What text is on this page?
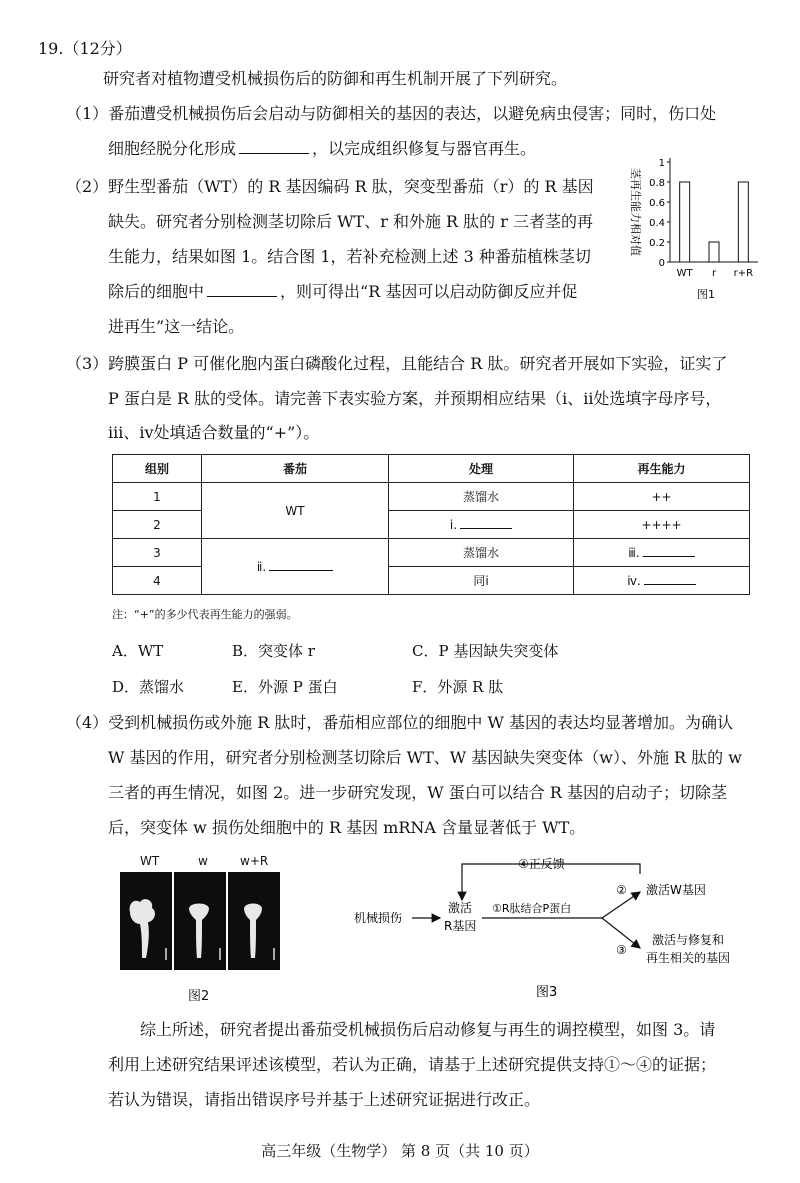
19.（12分）
研究者对植物遭受机械损伤后的防御和再生机制开展了下列研究。
（1）番茄遭受机械损伤后会启动与防御相关的基因的表达，以避免病虫侵害；同时，伤口处
细胞经脱分化形成	，以完成组织修复与器官再生。
（2）野生型番茄（WT）的 R 基因编码 R 肽，突变型番茄（r）的 R 基因
缺失。研究者分别检测茎切除后 WT、r 和外施 R 肽的 r 三者茎的再
生能力，结果如图 1。结合图 1，若补充检测上述 3 种番茄植株茎切
除后的细胞中	，则可得出“R 基因可以启动防御反应并促
进再生”这一结论。
茎再生能力相对值
0
0.2
0.4
0.6
0.8
1
WT r r+R
图1
（3）跨膜蛋白 P 可催化胞内蛋白磷酸化过程，且能结合 R 肽。研究者开展如下实验，证实了
P 蛋白是 R 肽的受体。请完善下表实验方案，并预期相应结果（ⅰ、ⅱ处选填字母序号，
ⅲ、ⅳ处填适合数量的“+”）。
组别	番茄	处理	再生能力
1	WT	蒸馏水	++
2		ⅰ.	++++
3	ⅱ.	蒸馏水	ⅲ.
4		同ⅰ	ⅳ.
注：“+”的多少代表再生能力的强弱。
A．WT	B．突变体 r	C．P 基因缺失突变体
D．蒸馏水	E．外源 P 蛋白	F．外源 R 肽
（4）受到机械损伤或外施 R 肽时，番茄相应部位的细胞中 W 基因的表达均显著增加。为确认
W 基因的作用，研究者分别检测茎切除后 WT、W 基因缺失突变体（w）、外施 R 肽的 w
三者的再生情况，如图 2。进一步研究发现，W 蛋白可以结合 R 基因的启动子；切除茎
后，突变体 w 损伤处细胞中的 R 基因 mRNA 含量显著低于 WT。
WT	w	w+R
图2
④正反馈
机械损伤
激活
R基因
①R肽结合P蛋白
② 激活W基因
③
激活与修复和
再生相关的基因
图3
综上所述，研究者提出番茄受机械损伤后启动修复与再生的调控模型，如图 3。请
利用上述研究结果评述该模型，若认为正确，请基于上述研究提供支持①～④的证据；
若认为错误，请指出错误序号并基于上述研究证据进行改正。
高三年级（生物学） 第 8 页（共 10 页）
